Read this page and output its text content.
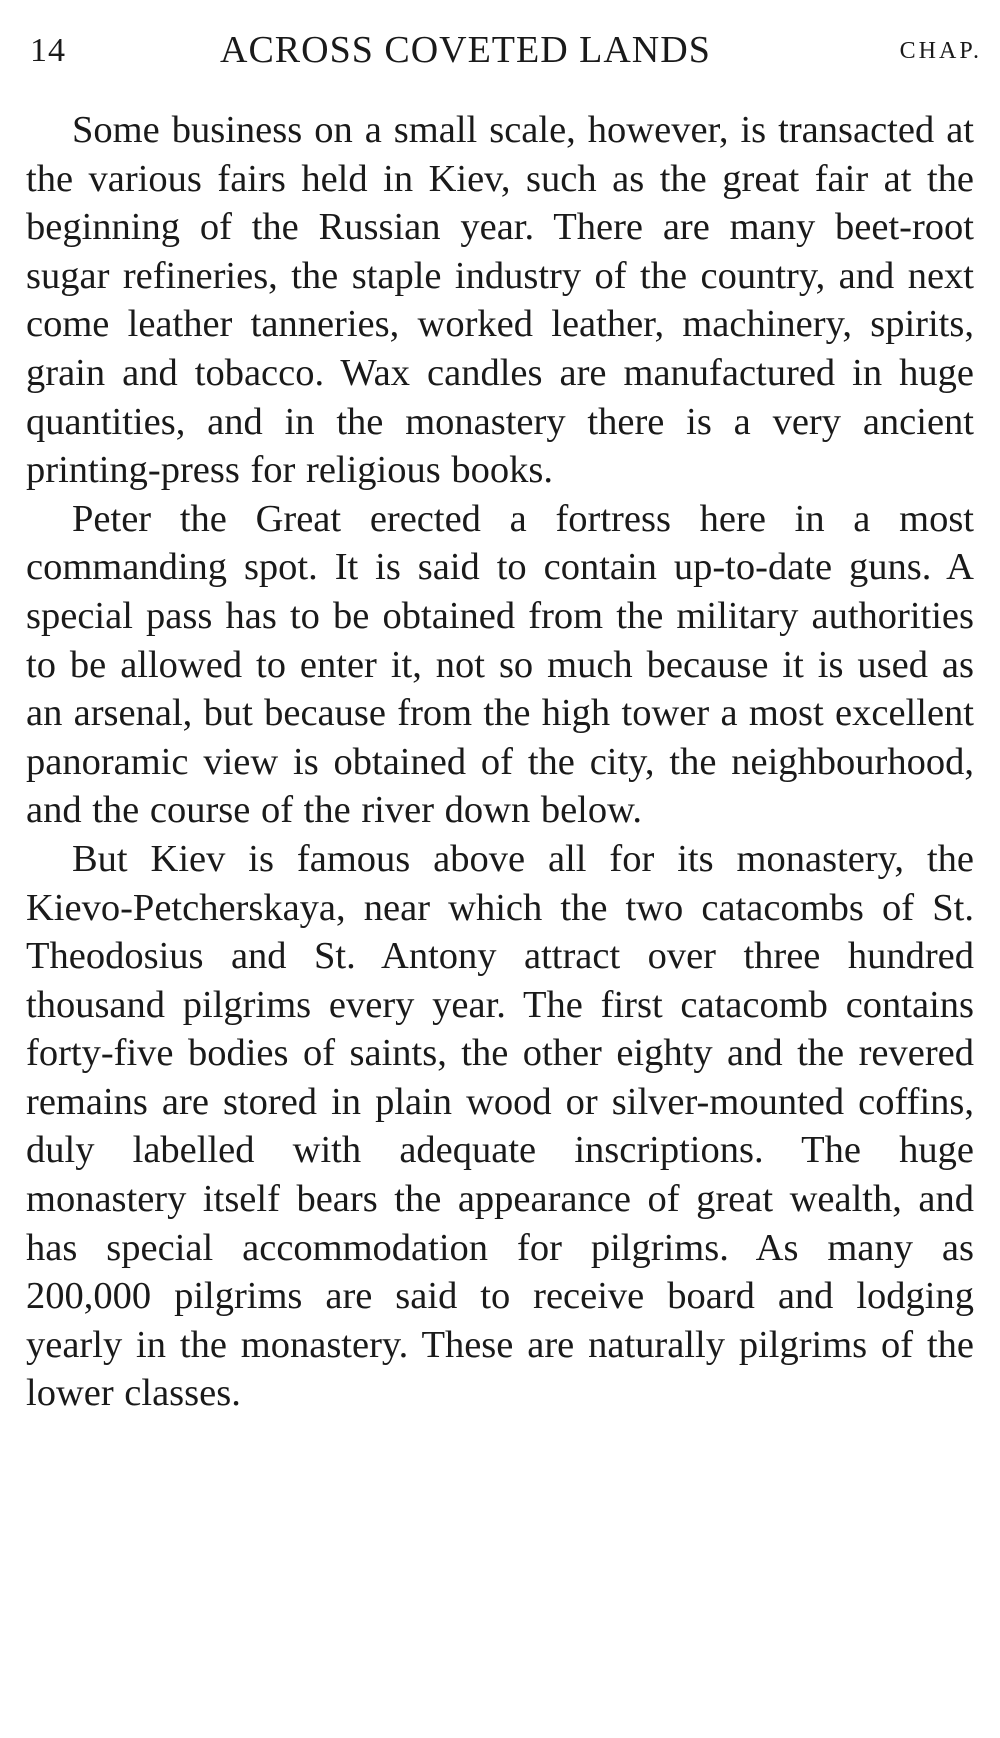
14	ACROSS COVETED LANDS	CHAP.

Some business on a small scale, however, is transacted at the various fairs held in Kiev, such as the great fair at the beginning of the Russian year. There are many beet-root sugar refineries, the staple industry of the country, and next come leather tanneries, worked leather, machinery, spirits, grain and tobacco. Wax candles are manufactured in huge quantities, and in the monastery there is a very ancient printing-press for religious books.

Peter the Great erected a fortress here in a most commanding spot. It is said to contain up-to-date guns. A special pass has to be obtained from the military authorities to be allowed to enter it, not so much because it is used as an arsenal, but because from the high tower a most excellent panoramic view is obtained of the city, the neighbourhood, and the course of the river down below.

But Kiev is famous above all for its monastery, the Kievo-Petcherskaya, near which the two catacombs of St. Theodosius and St. Antony attract over three hundred thousand pilgrims every year. The first catacomb contains forty-five bodies of saints, the other eighty and the revered remains are stored in plain wood or silver-mounted coffins, duly labelled with adequate inscriptions. The huge monastery itself bears the appearance of great wealth, and has special accommodation for pilgrims. As many as 200,000 pilgrims are said to receive board and lodging yearly in the monastery. These are naturally pilgrims of the lower classes.
